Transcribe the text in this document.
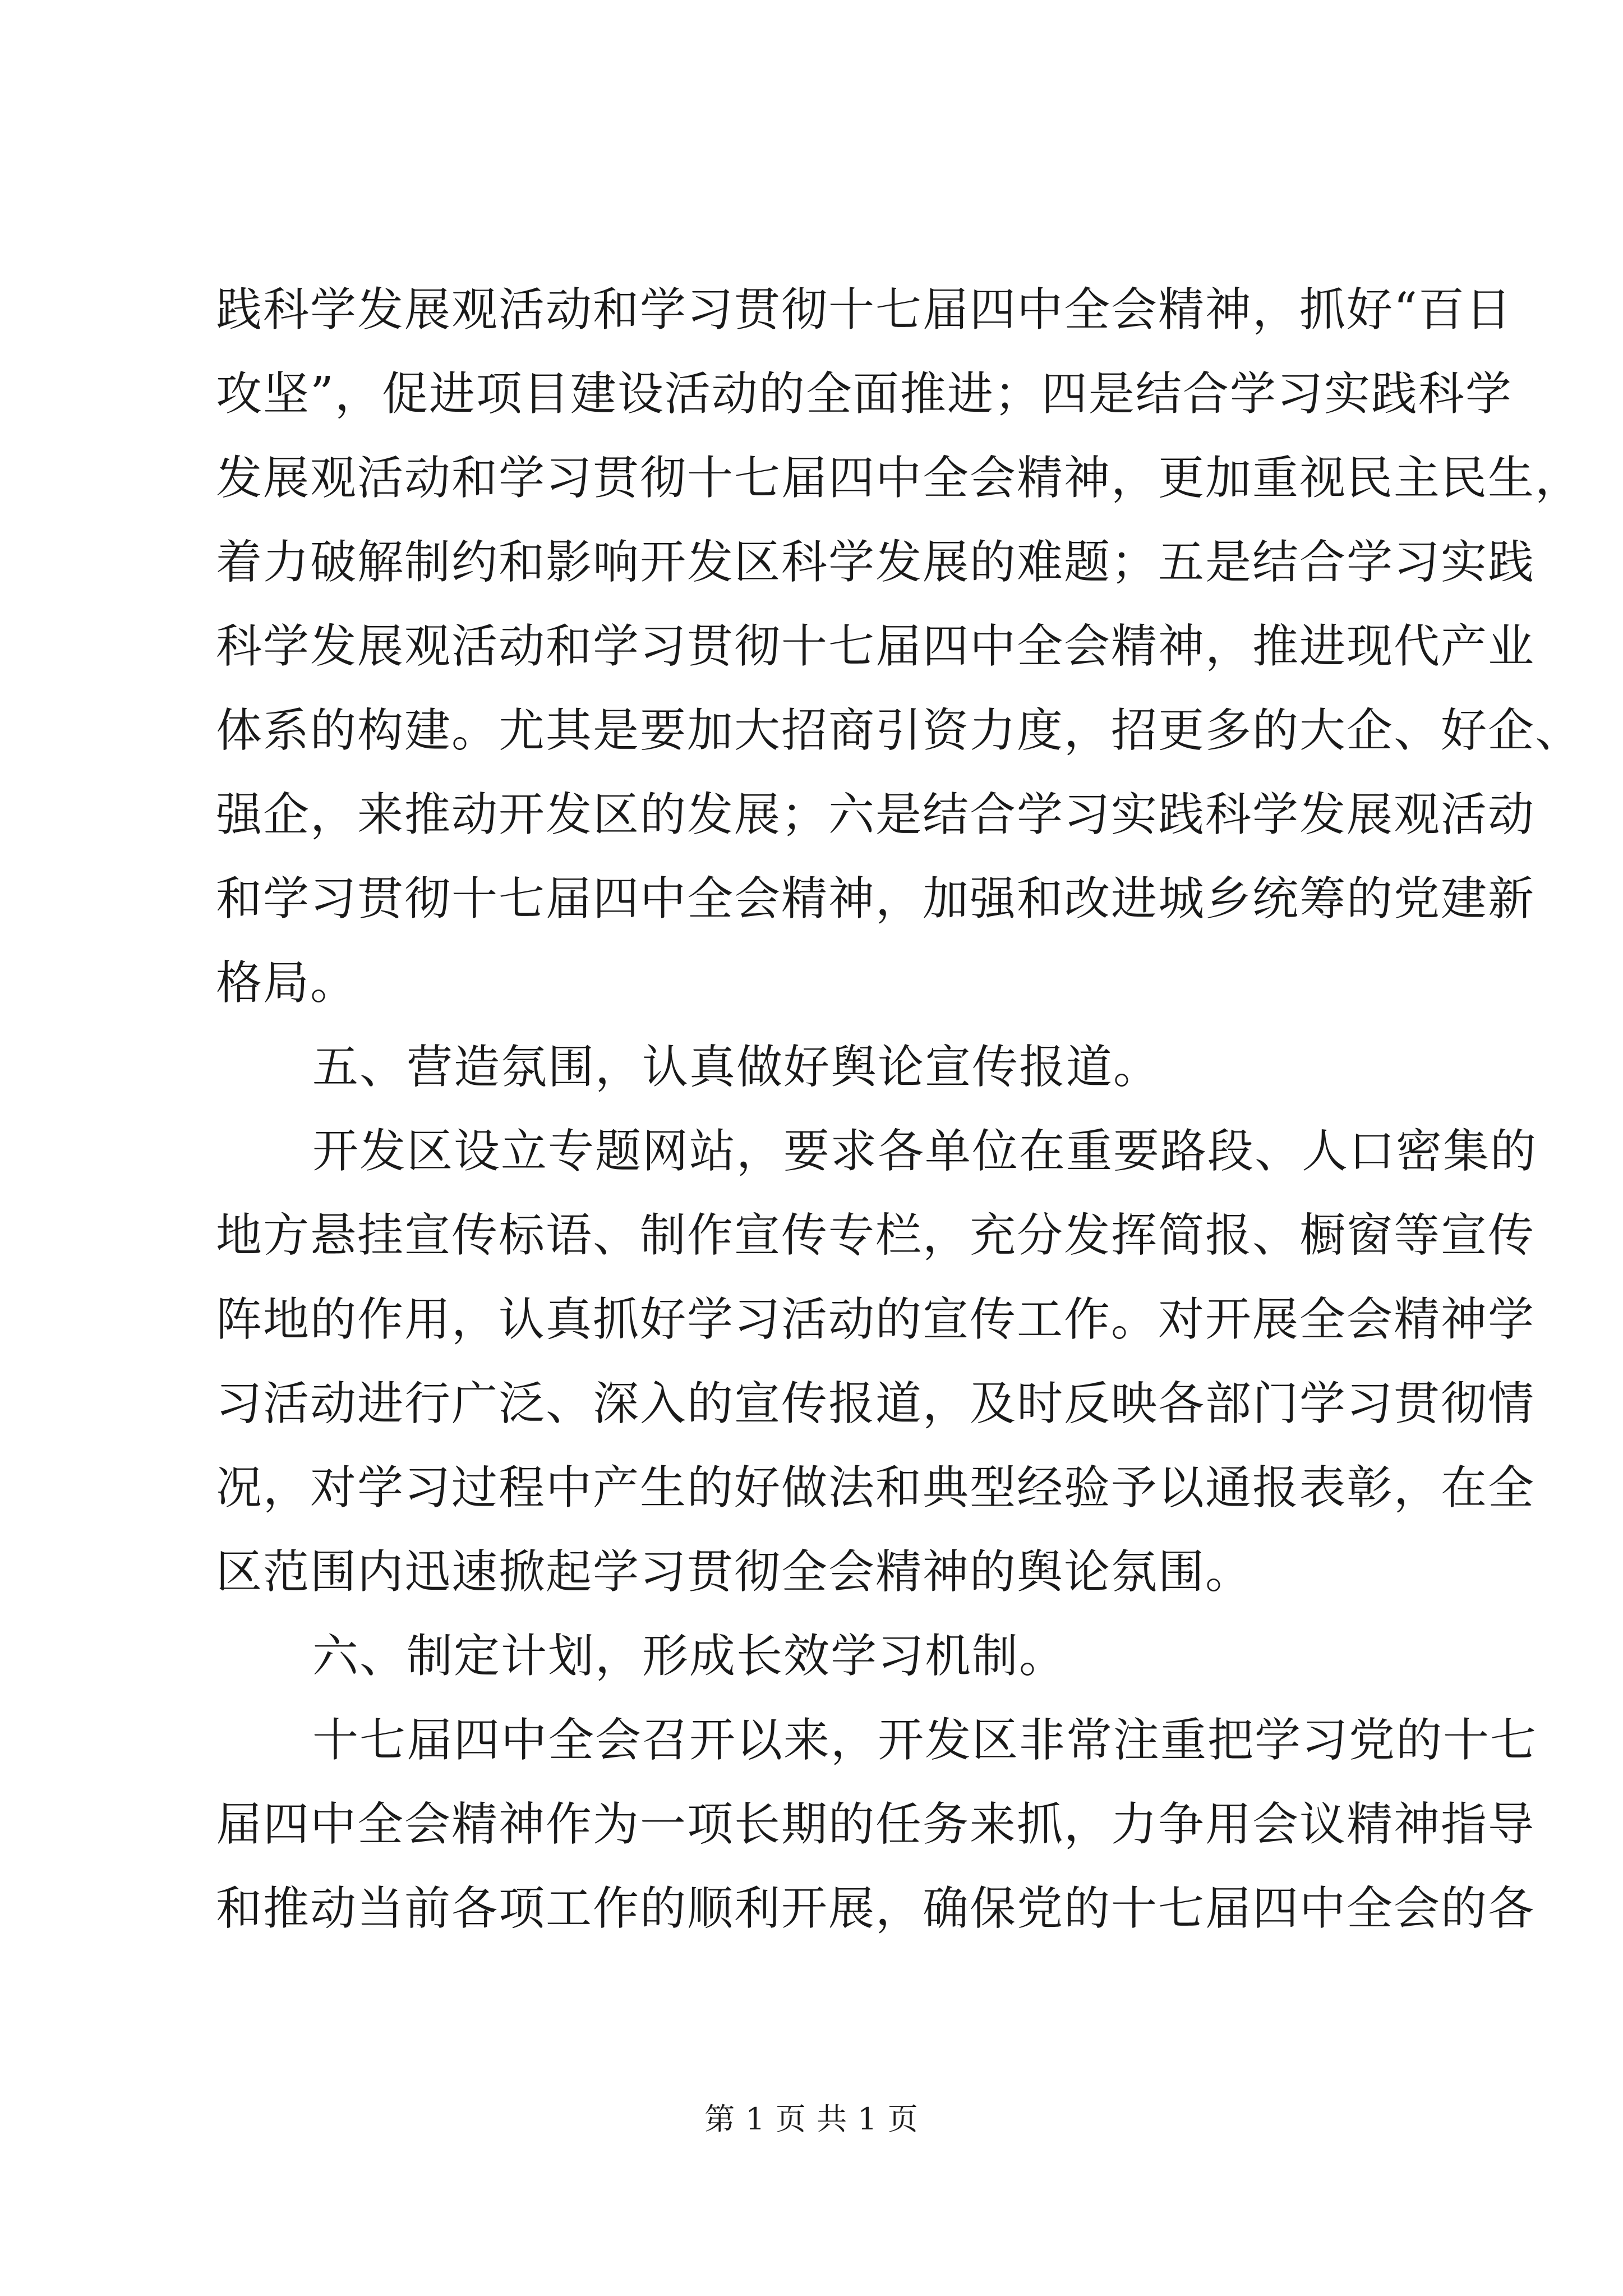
践科学发展观活动和学习贯彻十七届四中全会精神，抓好“百日
攻坚”，促进项目建设活动的全面推进；四是结合学习实践科学
发展观活动和学习贯彻十七届四中全会精神，更加重视民主民生，
着力破解制约和影响开发区科学发展的难题；五是结合学习实践
科学发展观活动和学习贯彻十七届四中全会精神，推进现代产业
体系的构建。尤其是要加大招商引资力度，招更多的大企、好企、
强企，来推动开发区的发展；六是结合学习实践科学发展观活动
和学习贯彻十七届四中全会精神，加强和改进城乡统筹的党建新
格局。
五、营造氛围，认真做好舆论宣传报道。
开发区设立专题网站，要求各单位在重要路段、人口密集的
地方悬挂宣传标语、制作宣传专栏，充分发挥简报、橱窗等宣传
阵地的作用，认真抓好学习活动的宣传工作。对开展全会精神学
习活动进行广泛、深入的宣传报道，及时反映各部门学习贯彻情
况，对学习过程中产生的好做法和典型经验予以通报表彰，在全
区范围内迅速掀起学习贯彻全会精神的舆论氛围。
六、制定计划，形成长效学习机制。
十七届四中全会召开以来，开发区非常注重把学习党的十七
届四中全会精神作为一项长期的任务来抓，力争用会议精神指导
和推动当前各项工作的顺利开展，确保党的十七届四中全会的各
第 1 页 共 1 页
